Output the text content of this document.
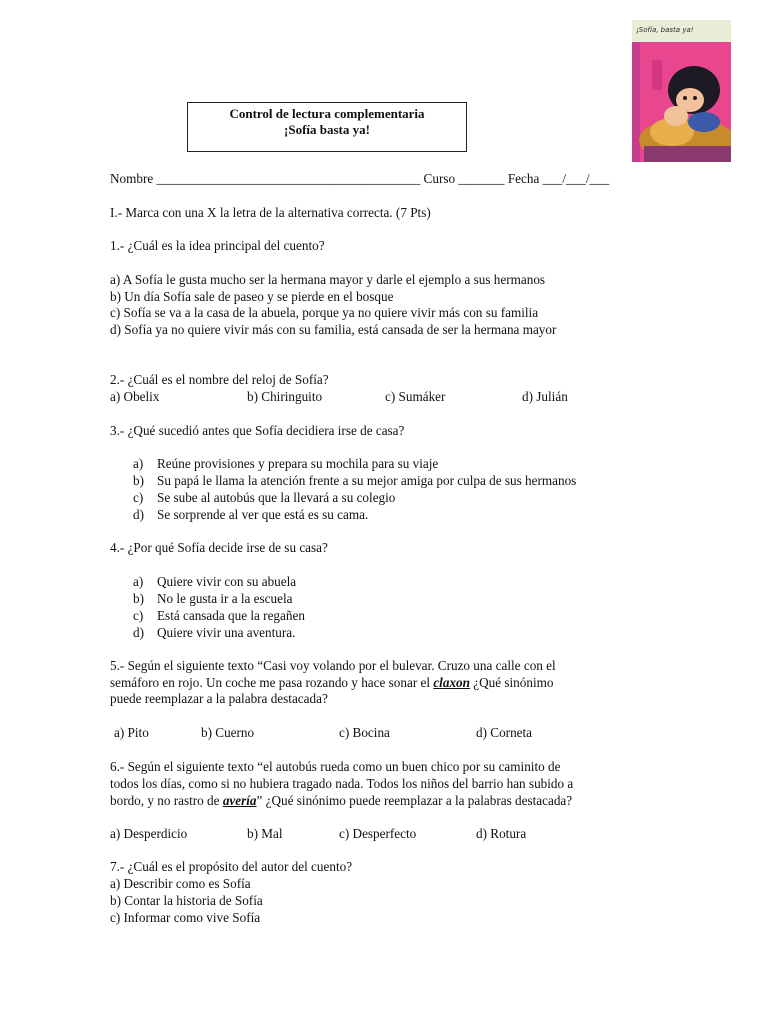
¡Sofía, basta ya!
Control de lectura complementaria
¡Sofía basta ya!
Nombre ________________________________________ Curso _______ Fecha ___/___/___
I.- Marca con una X la letra de la alternativa correcta. (7 Pts)
1.- ¿Cuál es la idea principal del cuento?
a) A Sofía le gusta mucho ser la hermana mayor y darle el ejemplo a sus hermanos
b) Un día Sofía sale de paseo y se pierde en el bosque
c) Sofía se va a la casa de la abuela, porque ya no quiere vivir más con su familia
d) Sofía ya no quiere vivir más con su familia, está cansada de ser la hermana mayor
2.- ¿Cuál es el nombre del reloj de Sofía?
a) Obelix	b) Chiringuito	c) Sumáker	d) Julián
3.- ¿Qué sucedió antes que Sofía decidiera irse de casa?
a) Reúne provisiones y prepara su mochila para su viaje
b) Su papá le llama la atención frente a su mejor amiga por culpa de sus hermanos
c) Se sube al autobús que la llevará a su colegio
d) Se sorprende al ver que está es su cama.
4.- ¿Por qué Sofía decide irse de su casa?
a) Quiere vivir con su abuela
b) No le gusta ir a la escuela
c) Está cansada que la regañen
d) Quiere vivir una aventura.
5.- Según el siguiente texto “Casi voy volando por el bulevar. Cruzo una calle con el
semáforo en rojo. Un coche me pasa rozando y hace sonar el claxon ¿Qué sinónimo
puede reemplazar a la palabra destacada?
a) Pito	b) Cuerno	c) Bocina	d) Corneta
6.- Según el siguiente texto “el autobús rueda como un buen chico por su caminito de
todos los días, como si no hubiera tragado nada. Todos los niños del barrio han subido a
bordo, y no rastro de avería” ¿Qué sinónimo puede reemplazar a la palabras destacada?
a) Desperdicio	b) Mal	c) Desperfecto	d) Rotura
7.- ¿Cuál es el propósito del autor del cuento?
a) Describir como es Sofía
b) Contar la historia de Sofía
c) Informar como vive Sofía
